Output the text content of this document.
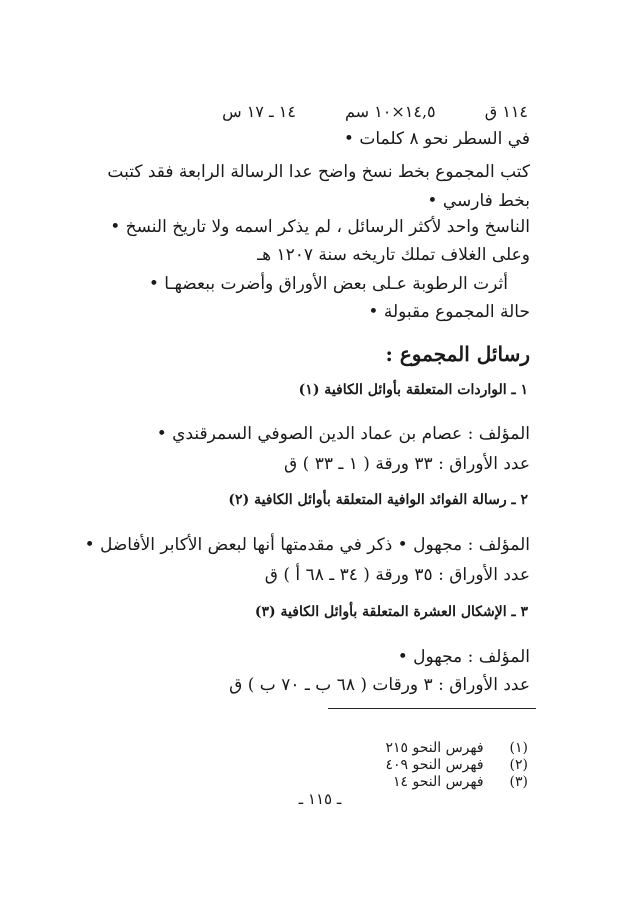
١١٤ ق ١٤,٥×١٠ سم ١٤ ـ ١٧ س
في السطر نحو ٨ كلمات •
كتب المجموع بخط نسخ واضح عدا الرسالة الرابعة فقد كتبت
بخط فارسي •
الناسخ واحد لأكثر الرسائل ، لم يذكر اسمه ولا تاريخ النسخ •
وعلى الغلاف تملك تاريخه سنة ١٢٠٧ هـ
أثرت الرطوبة عـلى بعض الأوراق وأضرت ببعضهـا •
حالة المجموع مقبولة •
رسائل المجموع :
١ ـ الواردات المتعلقة بأوائل الكافية (١)
المؤلف : عصام بن عماد الدين الصوفي السمرقندي •
عدد الأوراق : ٣٣ ورقة ( ١ ـ ٣٣ ) ق
٢ ـ رسالة الفوائد الوافية المتعلقة بأوائل الكافية (٢)
المؤلف : مجهول • ذكر في مقدمتها أنها لبعض الأكابر الأفاضل •
عدد الأوراق : ٣٥ ورقة ( ٣٤ ـ ٦٨ أ ) ق
٣ ـ الإشكال العشرة المتعلقة بأوائل الكافية (٣)
المؤلف : مجهول •
عدد الأوراق : ٣ ورقات ( ٦٨ ب ـ ٧٠ ب ) ق
(١) فهرس النحو ٢١٥
(٢) فهرس النحو ٤٠٩
(٣) فهرس النحو ١٤
ـ ١١٥ ـ
